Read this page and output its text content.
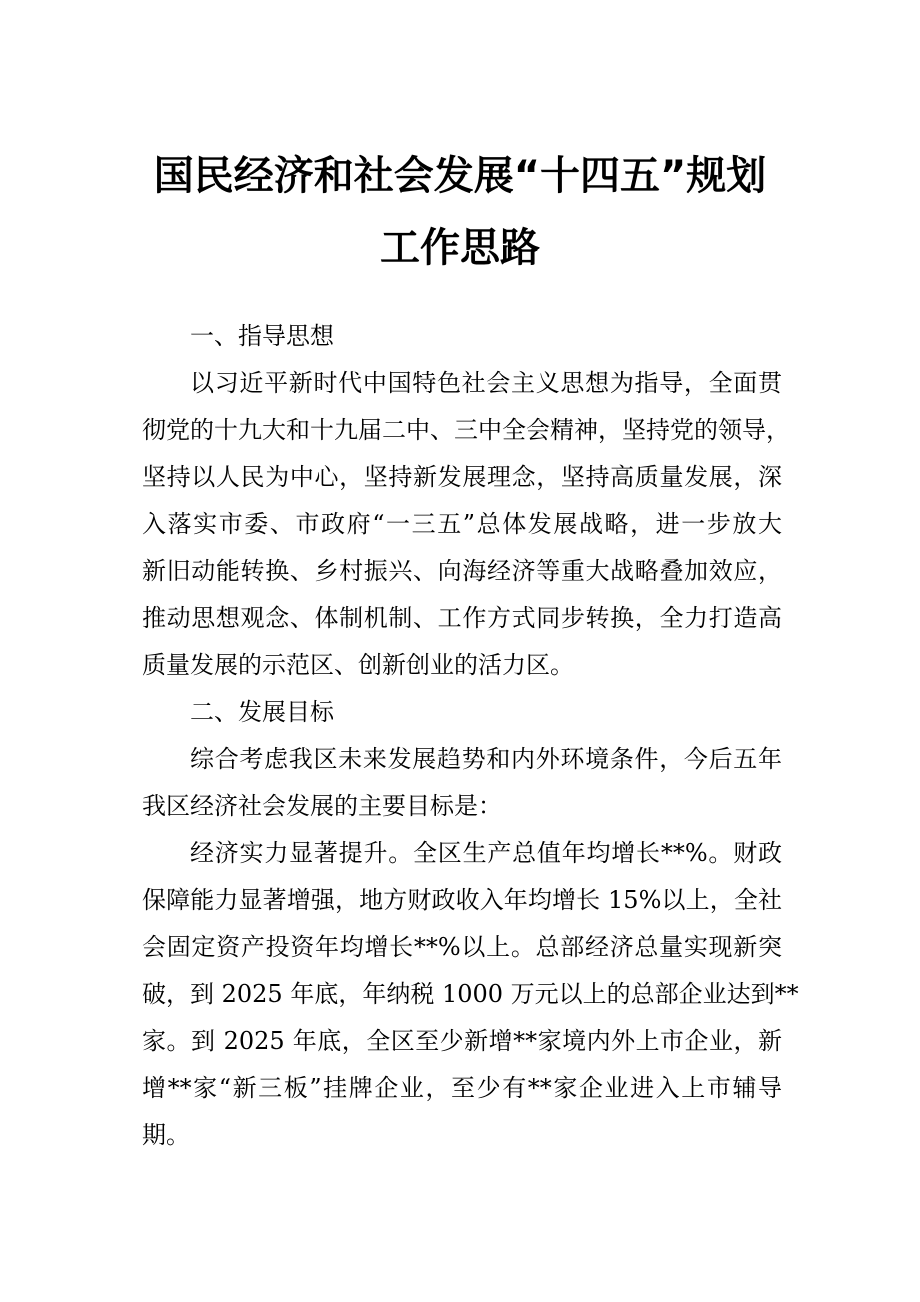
国民经济和社会发展“十四五”规划
工作思路
一、指导思想
以习近平新时代中国特色社会主义思想为指导，全面贯
彻党的十九大和十九届二中、三中全会精神，坚持党的领导，
坚持以人民为中心，坚持新发展理念，坚持高质量发展，深
入落实市委、市政府“一三五”总体发展战略，进一步放大
新旧动能转换、乡村振兴、向海经济等重大战略叠加效应，
推动思想观念、体制机制、工作方式同步转换，全力打造高
质量发展的示范区、创新创业的活力区。
二、发展目标
综合考虑我区未来发展趋势和内外环境条件，今后五年
我区经济社会发展的主要目标是：
经济实力显著提升。全区生产总值年均增长**%。财政
保障能力显著增强，地方财政收入年均增长 15%以上，全社
会固定资产投资年均增长**%以上。总部经济总量实现新突
破，到 2025 年底，年纳税 1000 万元以上的总部企业达到**
家。到 2025 年底，全区至少新增**家境内外上市企业，新
增**家“新三板”挂牌企业，至少有**家企业进入上市辅导
期。
